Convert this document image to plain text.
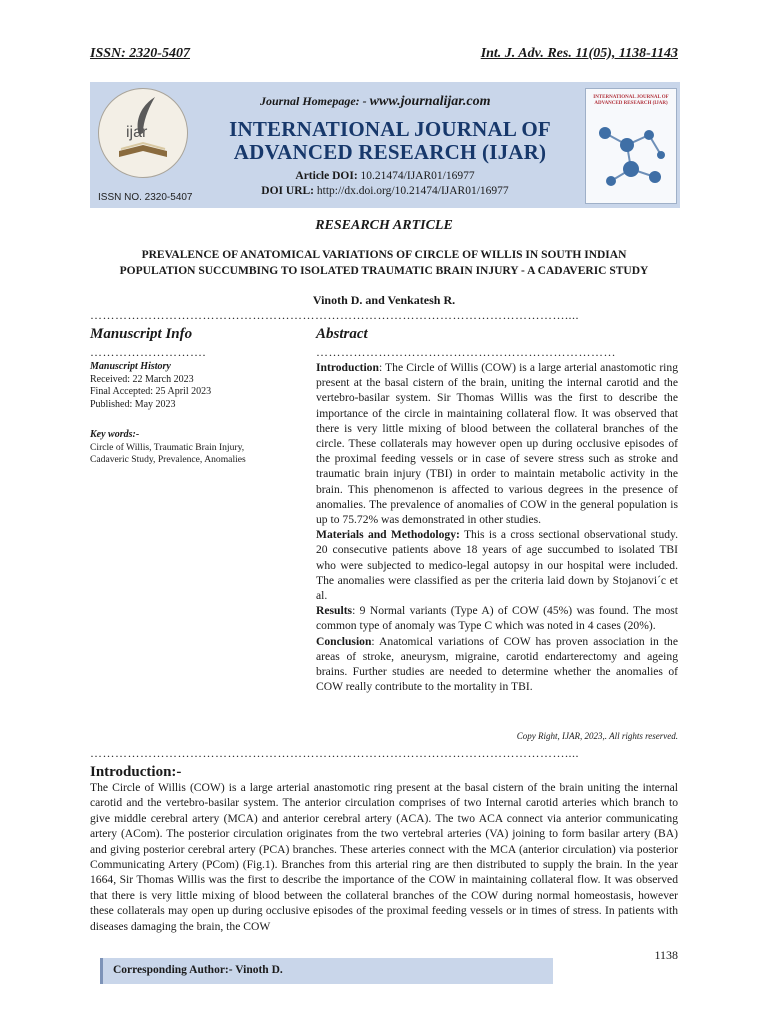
ISSN: 2320-5407	Int. J. Adv. Res. 11(05), 1138-1143
ijar
ISSN NO. 2320-5407
Journal Homepage: - www.journalijar.com
INTERNATIONAL JOURNAL OF
ADVANCED RESEARCH (IJAR)
Article DOI: 10.21474/IJAR01/16977
DOI URL: http://dx.doi.org/10.21474/IJAR01/16977
INTERNATIONAL JOURNAL OF ADVANCED RESEARCH (IJAR)
RESEARCH ARTICLE
PREVALENCE OF ANATOMICAL VARIATIONS OF CIRCLE OF WILLIS IN SOUTH INDIAN
POPULATION SUCCUMBING TO ISOLATED TRAUMATIC BRAIN INJURY - A CADAVERIC STUDY
Vinoth D. and Venkatesh R.
……………………………………………………………………………………………………....
Manuscript Info
……………………….
Manuscript History
Received: 22 March 2023
Final Accepted: 25 April 2023
Published: May 2023
Key words:-
Circle of Willis, Traumatic Brain Injury, Cadaveric Study, Prevalence, Anomalies
Abstract
………………………………………………………………

Introduction: The Circle of Willis (COW) is a large arterial anastomotic ring present at the basal cistern of the brain, uniting the internal carotid and the vertebro-basilar system. Sir Thomas Willis was the first to describe the importance of the circle in maintaining collateral flow. It was observed that there is very little mixing of blood between the collateral branches of the circle. These collaterals may however open up during occlusive episodes of the proximal feeding vessels or in case of severe stress such as stroke and traumatic brain injury (TBI) in order to maintain metabolic activity in the brain. This phenomenon is affected to various degrees in the presence of anomalies. The prevalence of anomalies of COW in the general population is up to 75.72% was demonstrated in other studies.

Materials and Methodology: This is a cross sectional observational study. 20 consecutive patients above 18 years of age succumbed to isolated TBI who were subjected to medico-legal autopsy in our hospital were included. The anomalies were classified as per the criteria laid down by Stojanovi´c et al.

Results: 9 Normal variants (Type A) of COW (45%) was found. The most common type of anomaly was Type C which was noted in 4 cases (20%).

Conclusion: Anatomical variations of COW has proven association in the areas of stroke, aneurysm, migraine, carotid endarterectomy and ageing brains. Further studies are needed to determine whether the anomalies of COW really contribute to the mortality in TBI.

Copy Right, IJAR, 2023,. All rights reserved.
……………………………………………………………………………………………………....
Introduction:-
The Circle of Willis (COW) is a large arterial anastomotic ring present at the basal cistern of the brain uniting the internal carotid and the vertebro-basilar system. The anterior circulation comprises of two Internal carotid arteries which branch to give middle cerebral artery (MCA) and anterior cerebral artery (ACA). The two ACA connect via anterior communicating artery (ACom). The posterior circulation originates from the two vertebral arteries (VA) joining to form basilar artery (BA) and giving posterior cerebral artery (PCA) branches. These arteries connect with the MCA (anterior circulation) via posterior Communicating Artery (PCom) (Fig.1). Branches from this arterial ring are then distributed to supply the brain. In the year 1664, Sir Thomas Willis was the first to describe the importance of the COW in maintaining collateral flow. It was observed that there is very little mixing of blood between the collateral branches of the COW during normal homeostasis, however these collaterals may open up during occlusive episodes of the proximal feeding vessels or in times of stress. In patients with diseases damaging the brain, the COW
1138
Corresponding Author:- Vinoth D.
